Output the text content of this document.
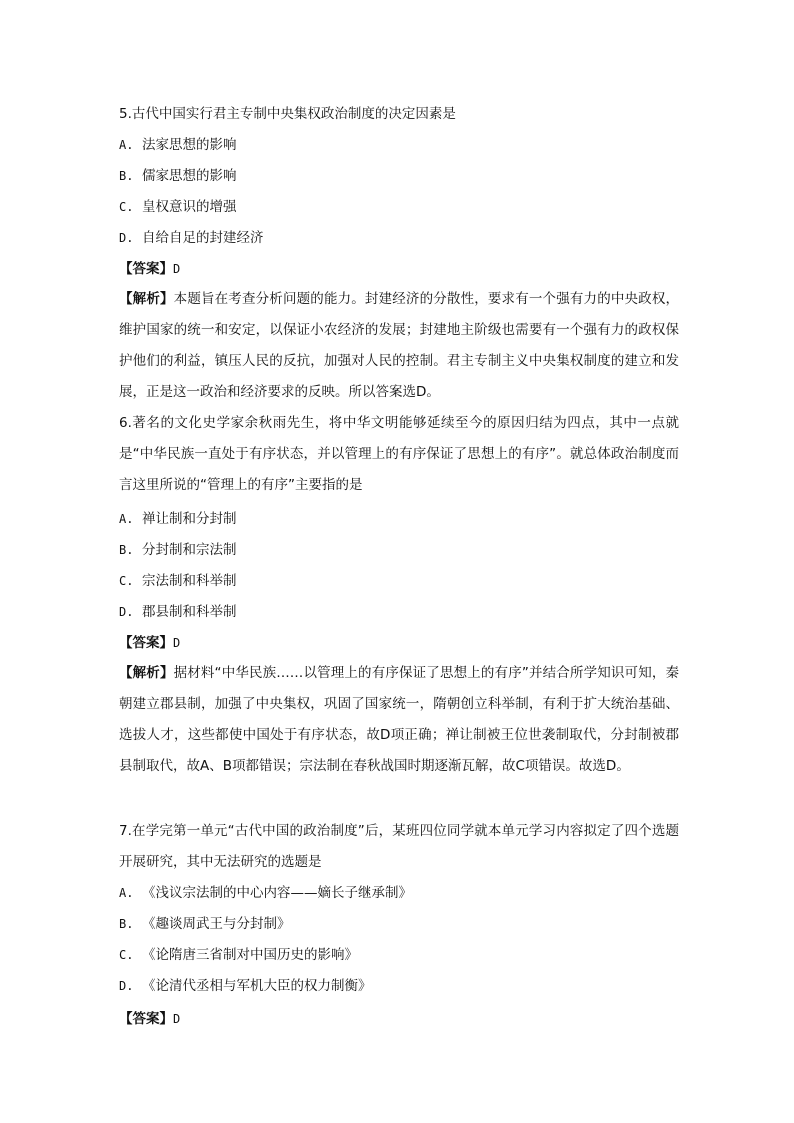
5.古代中国实行君主专制中央集权政治制度的决定因素是
A. 法家思想的影响
B. 儒家思想的影响
C. 皇权意识的增强
D. 自给自足的封建经济
【答案】D
【解析】本题旨在考查分析问题的能力。封建经济的分散性，要求有一个强有力的中央政权，维护国家的统一和安定，以保证小农经济的发展；封建地主阶级也需要有一个强有力的政权保护他们的利益，镇压人民的反抗，加强对人民的控制。君主专制主义中央集权制度的建立和发展，正是这一政治和经济要求的反映。所以答案选D。
6.著名的文化史学家余秋雨先生，将中华文明能够延续至今的原因归结为四点，其中一点就是“中华民族一直处于有序状态，并以管理上的有序保证了思想上的有序”。就总体政治制度而言这里所说的“管理上的有序”主要指的是
A. 禅让制和分封制
B. 分封制和宗法制
C. 宗法制和科举制
D. 郡县制和科举制
【答案】D
【解析】据材料“中华民族……以管理上的有序保证了思想上的有序”并结合所学知识可知，秦朝建立郡县制，加强了中央集权，巩固了国家统一，隋朝创立科举制，有利于扩大统治基础、选拔人才，这些都使中国处于有序状态，故D项正确；禅让制被王位世袭制取代，分封制被郡县制取代，故A、B项都错误；宗法制在春秋战国时期逐渐瓦解，故C项错误。故选D。
7.在学完第一单元“古代中国的政治制度”后，某班四位同学就本单元学习内容拟定了四个选题开展研究，其中无法研究的选题是
A. 《浅议宗法制的中心内容——嫡长子继承制》
B. 《趣谈周武王与分封制》
C. 《论隋唐三省制对中国历史的影响》
D. 《论清代丞相与军机大臣的权力制衡》
【答案】D
